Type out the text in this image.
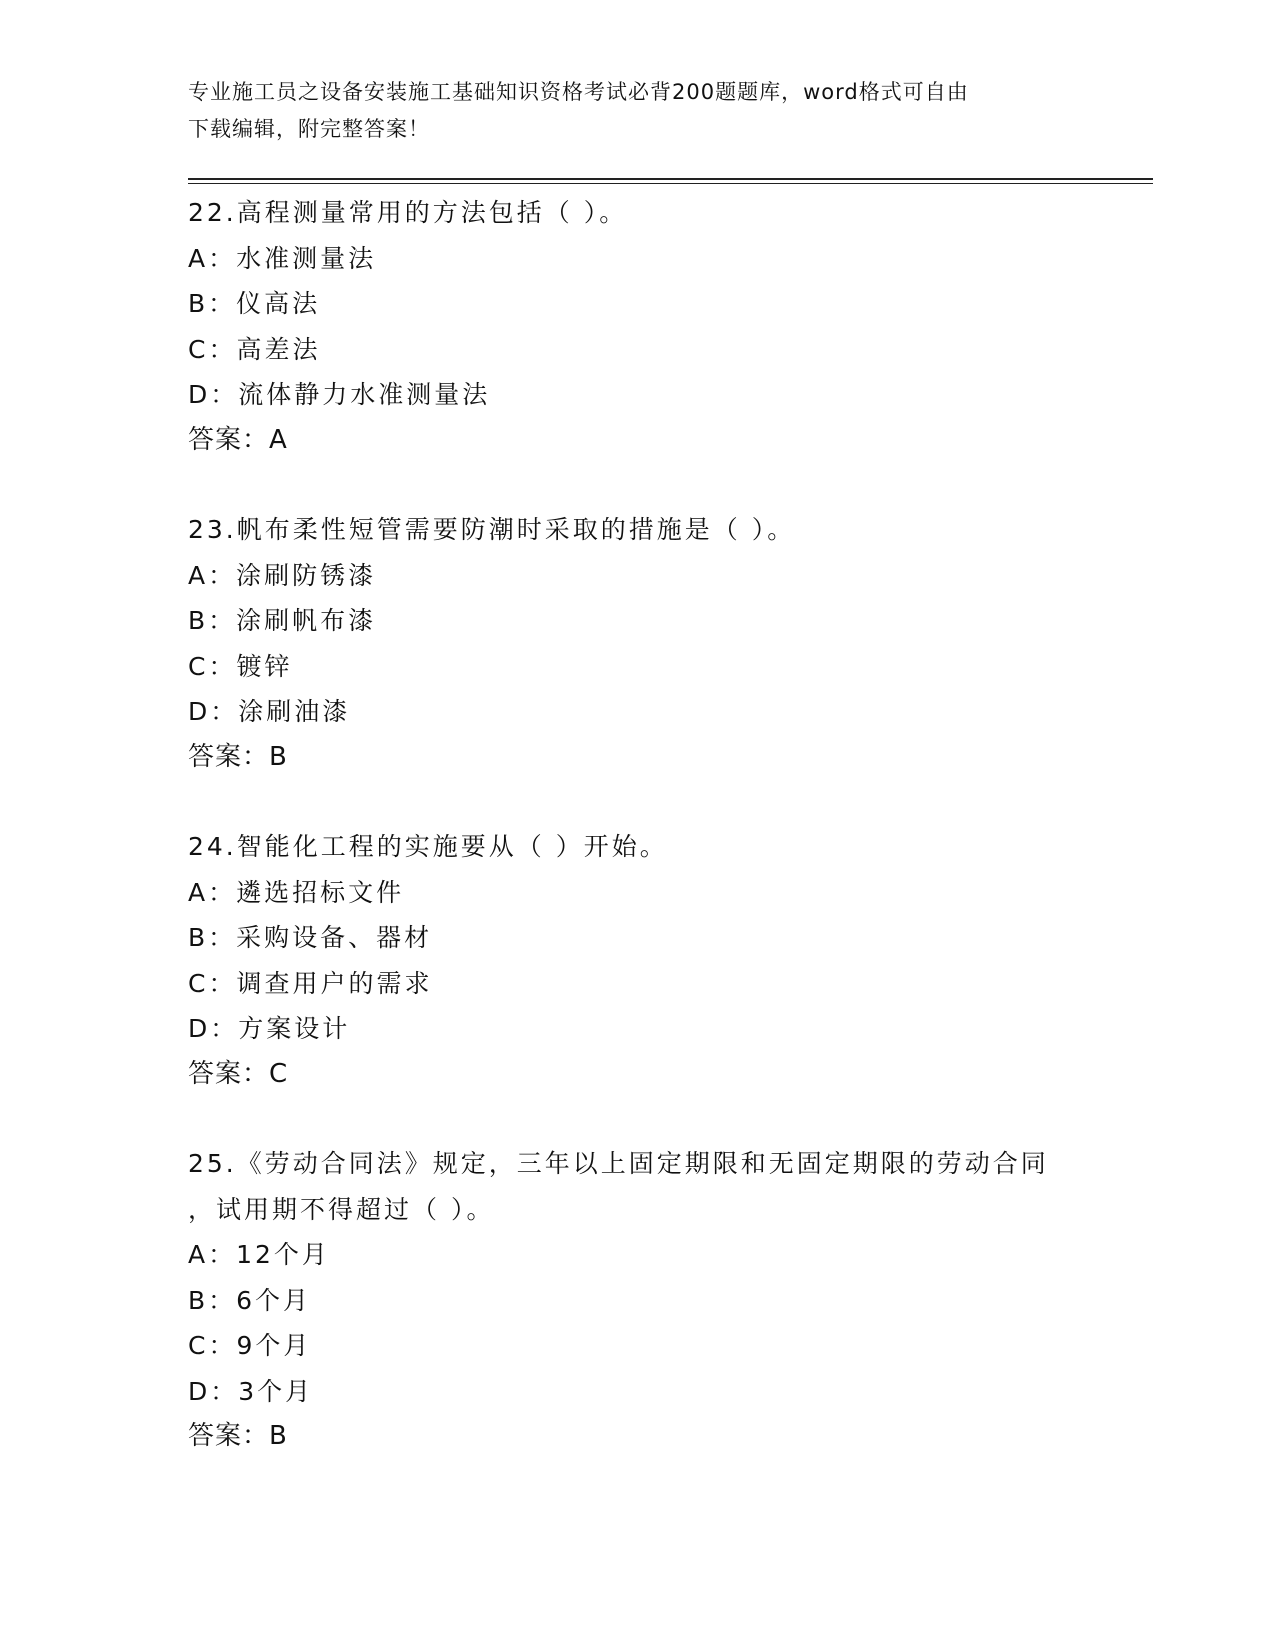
专业施工员之设备安装施工基础知识资格考试必背200题题库，word格式可自由
下载编辑，附完整答案！
22.高程测量常用的方法包括（ ）。
A：水准测量法
B：仪高法
C：高差法
D：流体静力水准测量法
答案：A
23.帆布柔性短管需要防潮时采取的措施是（ ）。
A：涂刷防锈漆
B：涂刷帆布漆
C：镀锌
D：涂刷油漆
答案：B
24.智能化工程的实施要从（ ）开始。
A：遴选招标文件
B：采购设备、器材
C：调查用户的需求
D：方案设计
答案：C
25.《劳动合同法》规定，三年以上固定期限和无固定期限的劳动合同
，试用期不得超过（ ）。
A：12个月
B：6个月
C：9个月
D：3个月
答案：B
